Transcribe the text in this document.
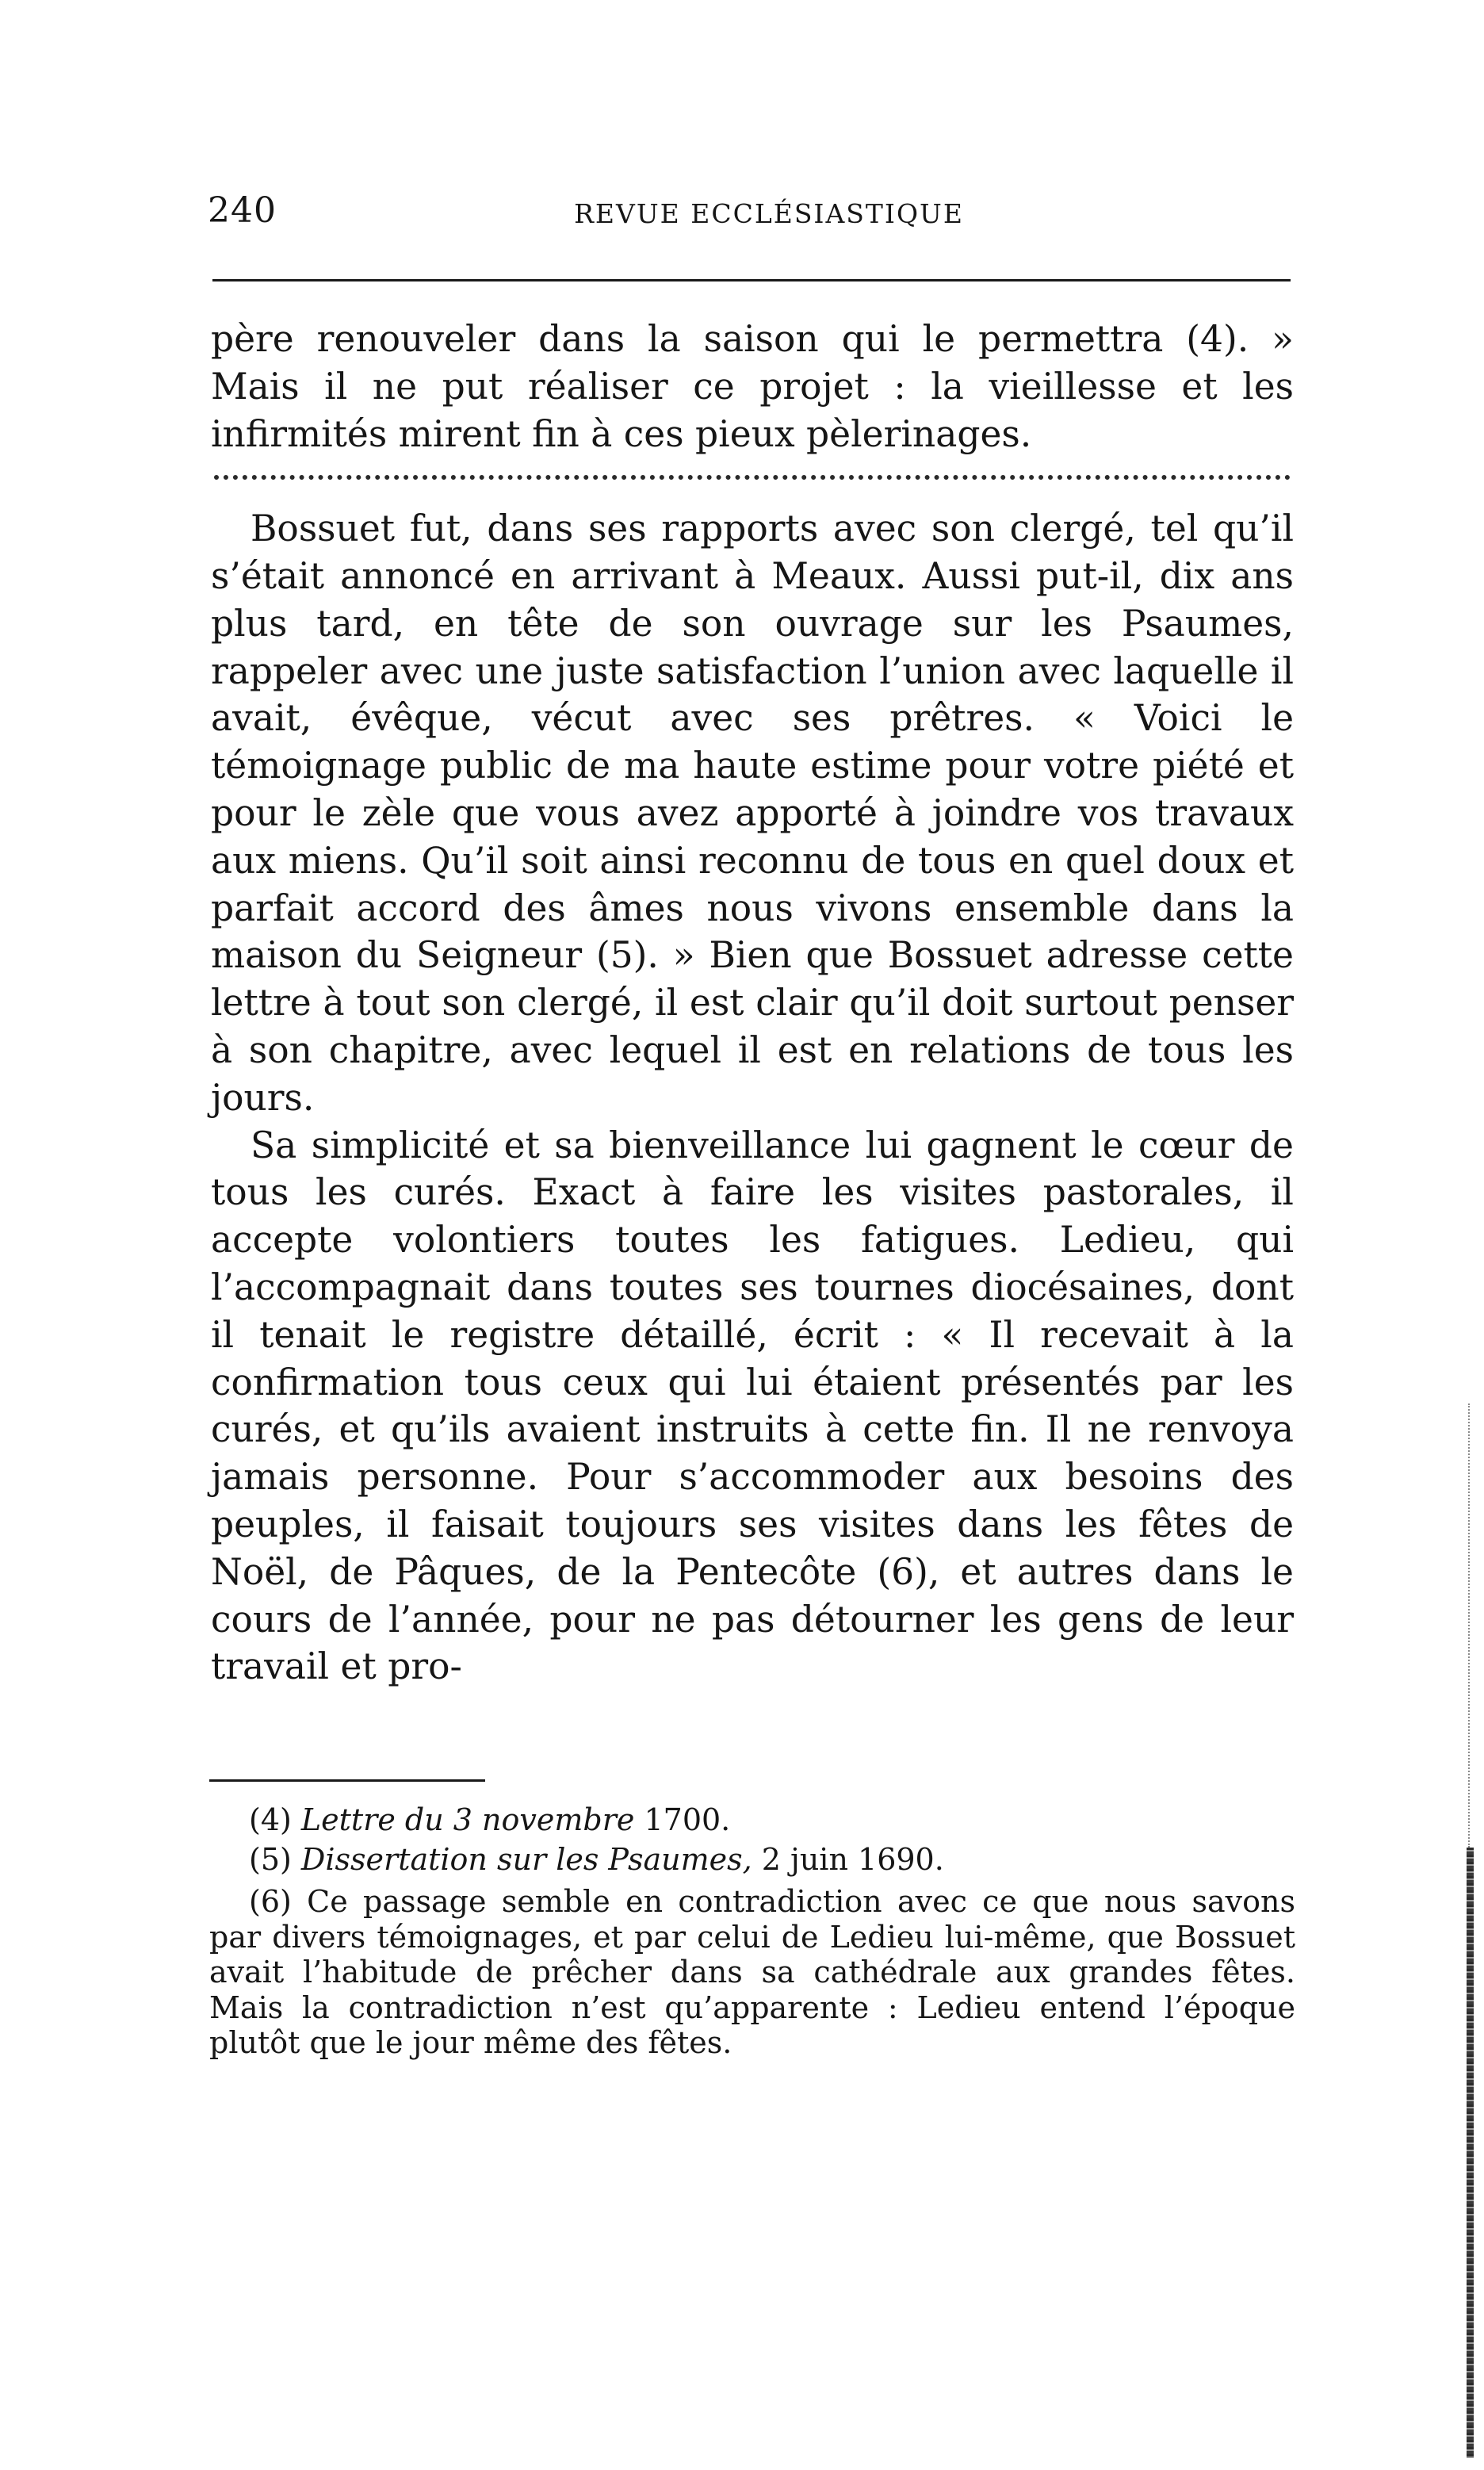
240	REVUE ECCLÉSIASTIQUE

père renouveler dans la saison qui le permettra (4). »

Mais il ne put réaliser ce projet : la vieillesse et les

infirmités mirent fin à ces pieux pèlerinages.

Bossuet fut, dans ses rapports avec son clergé, tel qu’il s’était annoncé en arrivant à Meaux. Aussi put-il, dix ans plus tard, en tête de son ouvrage sur les Psaumes, rappeler avec une juste satisfaction l’union avec laquelle il avait, évêque, vécut avec ses prêtres. « Voici le témoignage public de ma haute estime pour votre piété et pour le zèle que vous avez apporté à joindre vos travaux aux miens. Qu’il soit ainsi reconnu de tous en quel doux et parfait accord des âmes nous vivons ensemble dans la maison du Seigneur (5). » Bien que Bossuet adresse cette lettre à tout son clergé, il est clair qu’il doit surtout penser à son chapitre, avec lequel il est en relations de tous les jours.

Sa simplicité et sa bienveillance lui gagnent le cœur de tous les curés. Exact à faire les visites pastorales, il accepte volontiers toutes les fatigues. Ledieu, qui l’accompagnait dans toutes ses tournes diocésaines, dont il tenait le registre détaillé, écrit : « Il recevait à la confirmation tous ceux qui lui étaient présentés par les curés, et qu’ils avaient instruits à cette fin. Il ne renvoya jamais personne. Pour s’accommoder aux besoins des peuples, il faisait toujours ses visites dans les fêtes de Noël, de Pâques, de la Pentecôte (6), et autres dans le cours de l’année, pour ne pas détourner les gens de leur travail et pro-

(4) Lettre du 3 novembre 1700.

(5) Dissertation sur les Psaumes, 2 juin 1690.

(6) Ce passage semble en contradiction avec ce que nous savons par divers témoignages, et par celui de Ledieu lui-même, que Bossuet avait l’habitude de prêcher dans sa cathédrale aux grandes fêtes. Mais la contradiction n’est qu’apparente : Ledieu entend l’époque plutôt que le jour même des fêtes.
